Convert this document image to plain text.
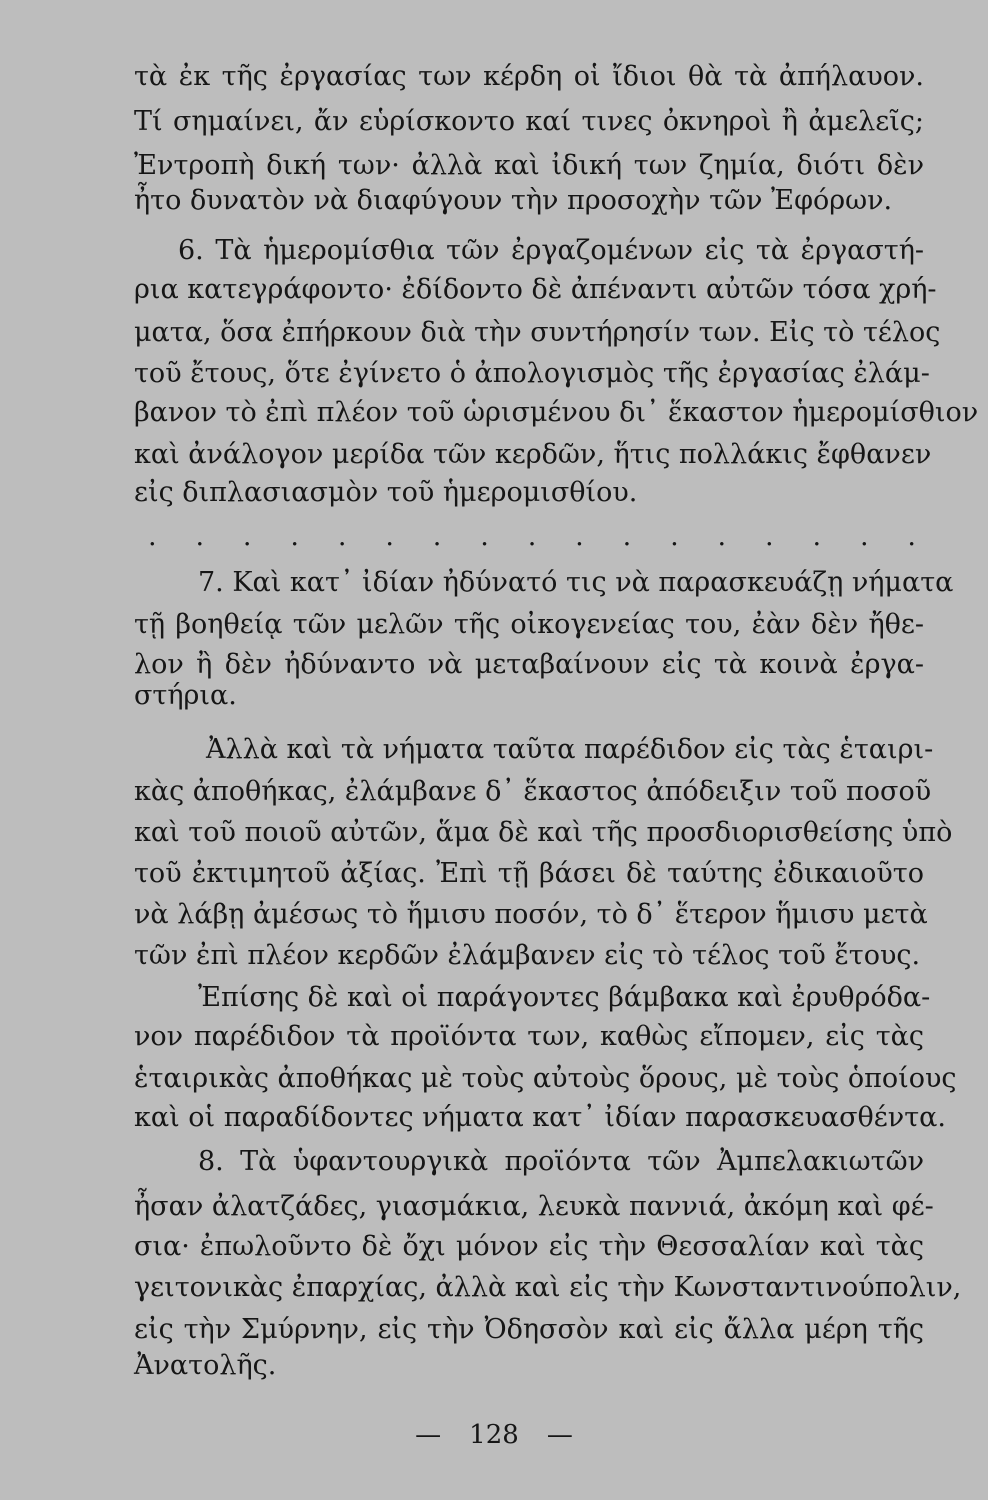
τὰ ἐκ τῆς ἐργασίας των κέρδη οἱ ἴδιοι θὰ τὰ ἀπήλαυον.
Τί σημαίνει, ἄν εὑρίσκοντο καί τινες ὀκνηροὶ ἢ ἀμελεῖς;
Ἐντροπὴ δική των· ἀλλὰ καὶ ἰδική των ζημία, διότι δὲν
ἦτο δυνατὸν νὰ διαφύγουν τὴν προσοχὴν τῶν Ἐφόρων.
6. Τὰ ἡμερομίσθια τῶν ἐργαζομένων εἰς τὰ ἐργαστή-
ρια κατεγράφοντο· ἐδίδοντο δὲ ἀπέναντι αὐτῶν τόσα χρή-
ματα, ὅσα ἐπήρκουν διὰ τὴν συντήρησίν των. Εἰς τὸ τέλος
τοῦ ἔτους, ὅτε ἐγίνετο ὁ ἀπολογισμὸς τῆς ἐργασίας ἐλάμ-
βανον τὸ ἐπὶ πλέον τοῦ ὡρισμένου δι᾽ ἕκαστον ἡμερομίσθιον
καὶ ἀνάλογον μερίδα τῶν κερδῶν, ἥτις πολλάκις ἔφθανεν
εἰς διπλασιασμὸν τοῦ ἡμερομισθίου.
. . . . . . . . . . . . . . . . .
7. Καὶ κατ᾽ ἰδίαν ἠδύνατό τις νὰ παρασκευάζῃ νήματα
τῇ βοηθείᾳ τῶν μελῶν τῆς οἰκογενείας του, ἐὰν δὲν ἤθε-
λον ἢ δὲν ἠδύναντο νὰ μεταβαίνουν εἰς τὰ κοινὰ ἐργα-
στήρια.
Ἀλλὰ καὶ τὰ νήματα ταῦτα παρέδιδον εἰς τὰς ἑταιρι-
κὰς ἀποθήκας, ἐλάμβανε δ᾽ ἕκαστος ἀπόδειξιν τοῦ ποσοῦ
καὶ τοῦ ποιοῦ αὐτῶν, ἅμα δὲ καὶ τῆς προσδιορισθείσης ὑπὸ
τοῦ ἐκτιμητοῦ ἀξίας. Ἐπὶ τῇ βάσει δὲ ταύτης ἐδικαιοῦτο
νὰ λάβῃ ἀμέσως τὸ ἥμισυ ποσόν, τὸ δ᾽ ἕτερον ἥμισυ μετὰ
τῶν ἐπὶ πλέον κερδῶν ἐλάμβανεν εἰς τὸ τέλος τοῦ ἔτους.
Ἐπίσης δὲ καὶ οἱ παράγοντες βάμβακα καὶ ἐρυθρόδα-
νον παρέδιδον τὰ προϊόντα των, καθὼς εἴπομεν, εἰς τὰς
ἑταιρικὰς ἀποθήκας μὲ τοὺς αὐτοὺς ὅρους, μὲ τοὺς ὁποίους
καὶ οἱ παραδίδοντες νήματα κατ᾽ ἰδίαν παρασκευασθέντα.
8. Τὰ ὑφαντουργικὰ προϊόντα τῶν Ἀμπελακιωτῶν
ἦσαν ἀλατζάδες, γιασμάκια, λευκὰ παννιά, ἀκόμη καὶ φέ-
σια· ἐπωλοῦντο δὲ ὄχι μόνον εἰς τὴν Θεσσαλίαν καὶ τὰς
γειτονικὰς ἐπαρχίας, ἀλλὰ καὶ εἰς τὴν Κωνσταντινούπολιν,
εἰς τὴν Σμύρνην, εἰς τὴν Ὀδησσὸν καὶ εἰς ἄλλα μέρη τῆς
Ἀνατολῆς.
— 128 —
